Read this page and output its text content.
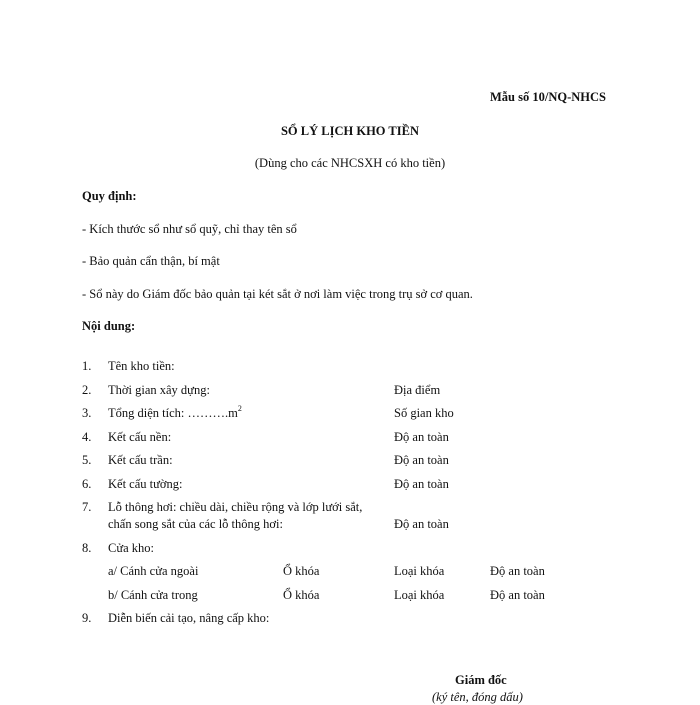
Mẫu số 10/NQ-NHCS
SỔ LÝ LỊCH KHO TIỀN
(Dùng cho các NHCSXH có kho tiền)
Quy định:
- Kích thước sổ như sổ quỹ, chỉ thay tên sổ
- Bảo quản cẩn thận, bí mật
- Sổ này do Giám đốc bảo quản tại két sắt ở nơi làm việc trong trụ sở cơ quan.
Nội dung:
1. Tên kho tiền:
2. Thời gian xây dựng:	Địa điểm
3. Tổng diện tích: $\dots\dots\dots.m^2$	Số gian kho
4. Kết cấu nền:	Độ an toàn
5. Kết cấu trần:	Độ an toàn
6. Kết cấu tường:	Độ an toàn
7. Lỗ thông hơi: chiều dài, chiều rộng và lớp lưới sắt,
chấn song sắt của các lỗ thông hơi:	Độ an toàn
8. Cửa kho:
a/ Cánh cửa ngoài	Ổ khóa	Loại khóa	Độ an toàn
b/ Cánh cửa trong	Ổ khóa	Loại khóa	Độ an toàn
9. Diễn biến cải tạo, nâng cấp kho:
Giám đốc
(ký tên, đóng dấu)
